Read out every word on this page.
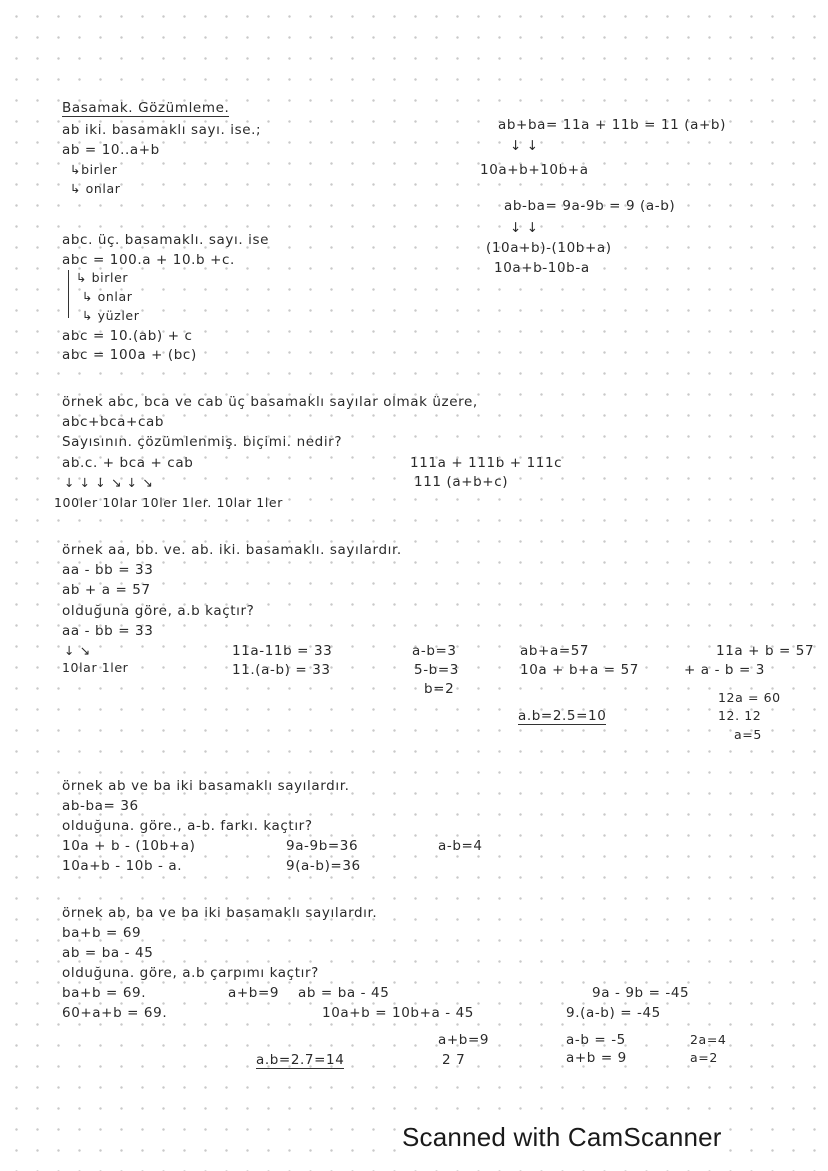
Basamak. Gözümleme.
ab iki. basamaklı sayı. ise.;
ab = 10..a+b
↳birler
↳ onlar
ab+ba= 11a + 11b = 11 (a+b)
↓ ↓
10a+b+10b+a
ab-ba= 9a-9b = 9 (a-b)
↓ ↓
(10a+b)-(10b+a)
10a+b-10b-a
abc. üç. basamaklı. sayı. ise
abc = 100.a + 10.b +c.
↳ birler
↳ onlar
↳ yüzler
abc = 10.(ab) + c
abc = 100a + (bc)
örnek abc, bca ve cab üç basamaklı sayılar olmak üzere,
abc+bca+cab
Sayısının. çözümlenmiş. biçimi. nedir?
ab.c. + bca + cab
↓ ↓ ↓ ↘ ↓ ↘
100ler 10lar 10ler 1ler. 10lar 1ler
111a + 111b + 111c
111 (a+b+c)
örnek aa, bb. ve. ab. iki. basamaklı. sayılardır.
aa - bb = 33
ab + a = 57
olduğuna göre, a.b kaçtır?
aa - bb = 33
↓ ↘
10lar 1ler
11a-11b = 33
11.(a-b) = 33
a-b=3
5-b=3
b=2
ab+a=57
10a + b+a = 57
a.b=2.5=10
11a + b = 57
+ a - b = 3
12a = 60
12. 12
a=5
örnek ab ve ba iki basamaklı sayılardır.
ab-ba= 36
olduğuna. göre., a-b. farkı. kaçtır?
10a + b - (10b+a)
10a+b - 10b - a.
9a-9b=36
9(a-b)=36
a-b=4
örnek ab, ba ve ba iki basamaklı sayılardır.
ba+b = 69
ab = ba - 45
olduğuna. göre, a.b çarpımı kaçtır?
ba+b = 69.
60+a+b = 69.
a+b=9 ab = ba - 45
10a+b = 10b+a - 45
a+b=9
2 7
9a - 9b = -45
9.(a-b) = -45
a-b = -5
a+b = 9
2a=4
a=2
a.b=2.7=14
Scanned with CamScanner
